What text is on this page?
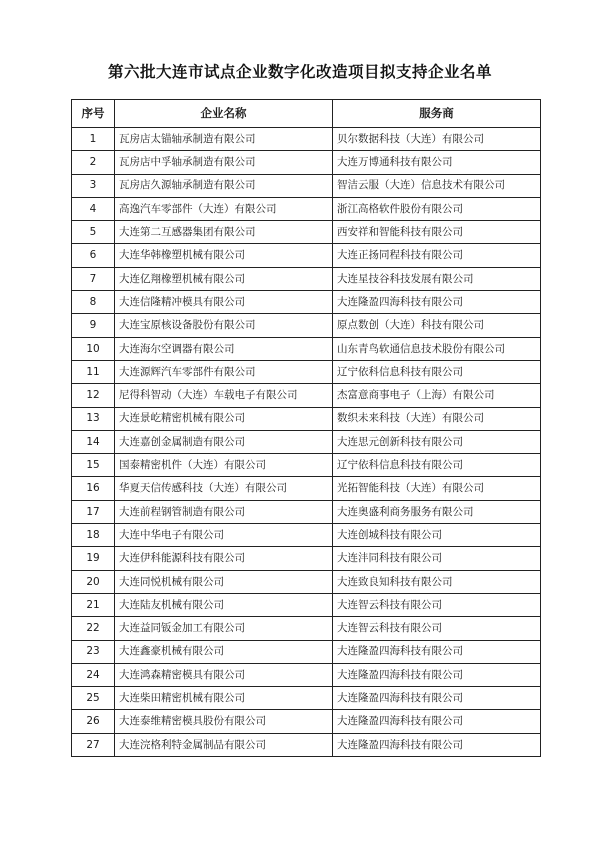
第六批大连市试点企业数字化改造项目拟支持企业名单
序号	企业名称	服务商
1	瓦房店太锚轴承制造有限公司	贝尔数据科技（大连）有限公司
2	瓦房店中孚轴承制造有限公司	大连万博通科技有限公司
3	瓦房店久源轴承制造有限公司	智洁云服（大连）信息技术有限公司
4	高逸汽车零部件（大连）有限公司	浙江高格软件股份有限公司
5	大连第二互感器集团有限公司	西安祥和智能科技有限公司
6	大连华韩橡塑机械有限公司	大连正扬同程科技有限公司
7	大连亿翔橡塑机械有限公司	大连星技谷科技发展有限公司
8	大连信隆精冲模具有限公司	大连隆盈四海科技有限公司
9	大连宝原核设备股份有限公司	原点数创（大连）科技有限公司
10	大连海尔空调器有限公司	山东青鸟软通信息技术股份有限公司
11	大连源辉汽车零部件有限公司	辽宁依科信息科技有限公司
12	尼得科智动（大连）车载电子有限公司	杰富意商事电子（上海）有限公司
13	大连景屹精密机械有限公司	数织未来科技（大连）有限公司
14	大连嘉创金属制造有限公司	大连思元创新科技有限公司
15	国泰精密机件（大连）有限公司	辽宁依科信息科技有限公司
16	华夏天信传感科技（大连）有限公司	光拓智能科技（大连）有限公司
17	大连前程钢管制造有限公司	大连奥盛利商务服务有限公司
18	大连中华电子有限公司	大连创城科技有限公司
19	大连伊科能源科技有限公司	大连沣同科技有限公司
20	大连同悦机械有限公司	大连致良知科技有限公司
21	大连陆友机械有限公司	大连智云科技有限公司
22	大连益同钣金加工有限公司	大连智云科技有限公司
23	大连鑫豪机械有限公司	大连隆盈四海科技有限公司
24	大连鸿森精密模具有限公司	大连隆盈四海科技有限公司
25	大连柴田精密机械有限公司	大连隆盈四海科技有限公司
26	大连泰维精密模具股份有限公司	大连隆盈四海科技有限公司
27	大连浣格利特金属制品有限公司	大连隆盈四海科技有限公司
